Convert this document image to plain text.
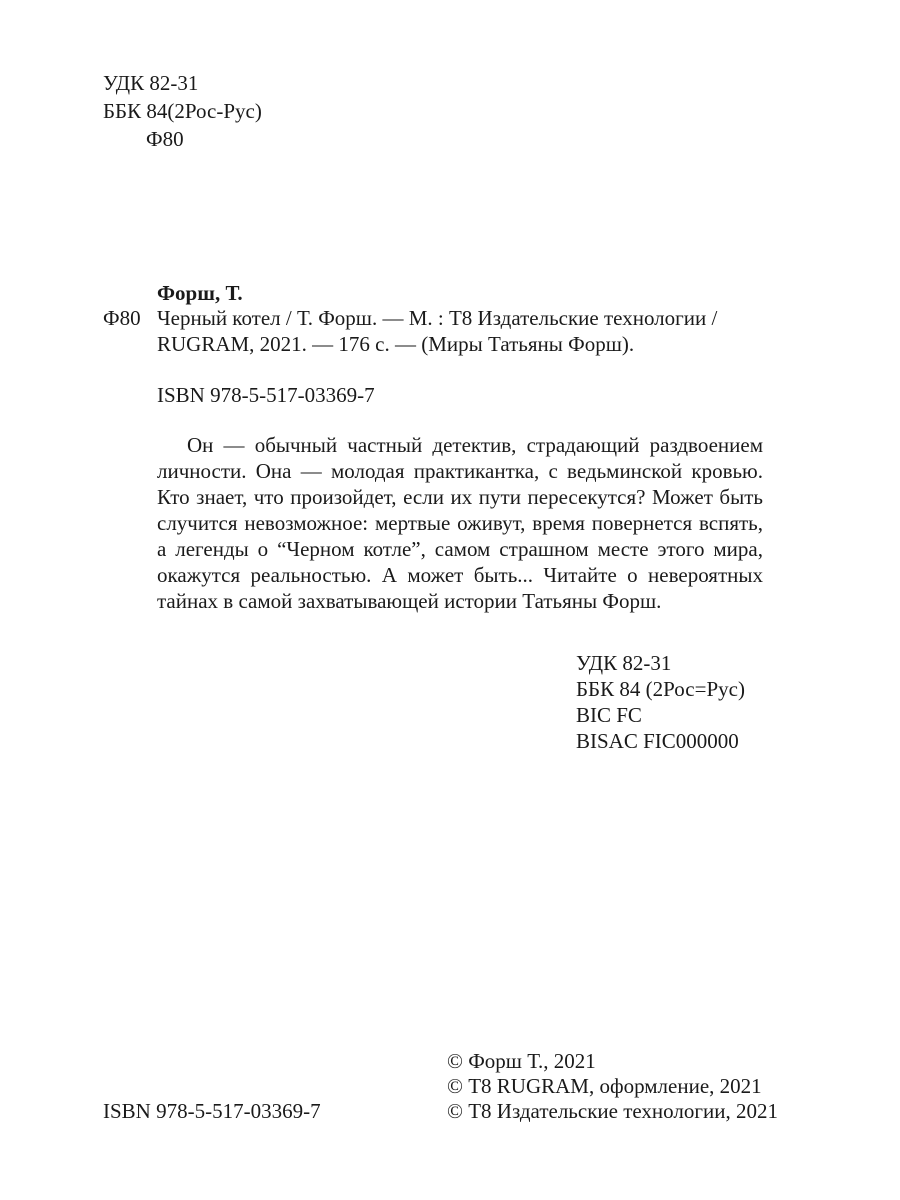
УДК 82-31
ББК 84(2Рос-Рус)
Ф80
Форш, Т.
Ф80 Черный котел / Т. Форш. — М. : Т8 Издательские технологии / RUGRAM, 2021. — 176 с. — (Миры Татьяны Форш).
ISBN 978-5-517-03369-7

Он — обычный частный детектив, страдающий раздвоением личности. Она — молодая практикантка, с ведьминской кровью. Кто знает, что произойдет, если их пути пересекутся? Может быть случится невозможное: мертвые оживут, время повернется вспять, а легенды о “Черном котле”, самом страшном месте этого мира, окажутся реальностью. А может быть... Читайте о невероятных тайнах в самой захватывающей истории Татьяны Форш.

УДК 82-31
ББК 84 (2Рос=Рус)
BIC FC
BISAC FIC000000
© Форш Т., 2021
© Т8 RUGRAM, оформление, 2021
© Т8 Издательские технологии, 2021
ISBN 978-5-517-03369-7
